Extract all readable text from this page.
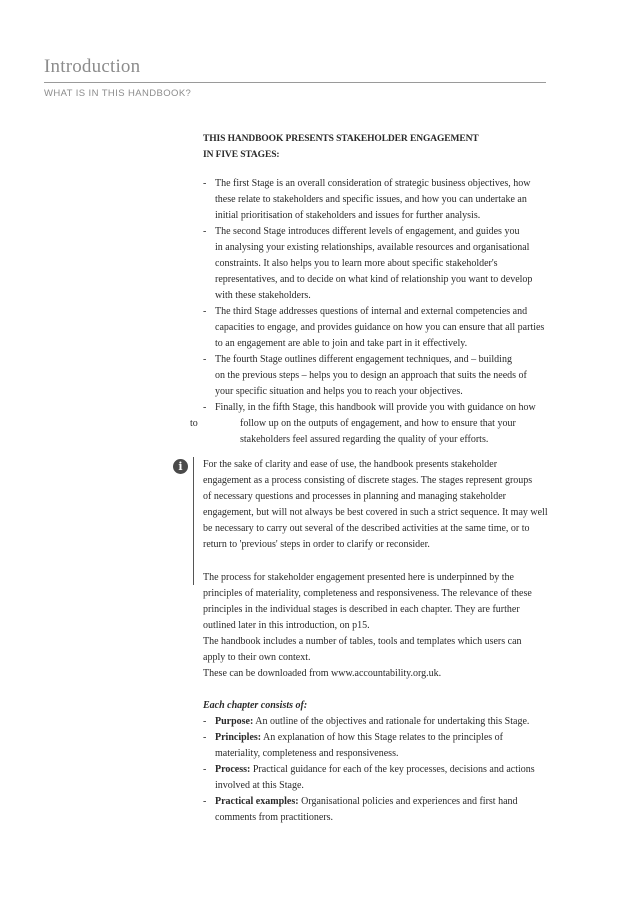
Introduction
WHAT IS IN THIS HANDBOOK?
THIS HANDBOOK PRESENTS STAKEHOLDER ENGAGEMENT
IN FIVE STAGES:
- The first Stage is an overall consideration of strategic business objectives, how
these relate to stakeholders and specific issues, and how you can undertake an
initial prioritisation of stakeholders and issues for further analysis.
- The second Stage introduces different levels of engagement, and guides you
in analysing your existing relationships, available resources and organisational
constraints. It also helps you to learn more about specific stakeholder's
representatives, and to decide on what kind of relationship you want to develop
with these stakeholders.
- The third Stage addresses questions of internal and external competencies and
capacities to engage, and provides guidance on how you can ensure that all parties
to an engagement are able to join and take part in it effectively.
- The fourth Stage outlines different engagement techniques, and – building
on the previous steps – helps you to design an approach that suits the needs of
your specific situation and helps you to reach your objectives.
- Finally, in the fifth Stage, this handbook will provide you with guidance on how
to	follow up on the outputs of engagement, and how to ensure that your
stakeholders feel assured regarding the quality of your efforts.
i	For the sake of clarity and ease of use, the handbook presents stakeholder
engagement as a process consisting of discrete stages. The stages represent groups
of necessary questions and processes in planning and managing stakeholder
engagement, but will not always be best covered in such a strict sequence. It may well
be necessary to carry out several of the described activities at the same time, or to
return to 'previous' steps in order to clarify or reconsider.
The process for stakeholder engagement presented here is underpinned by the
principles of materiality, completeness and responsiveness. The relevance of these
principles in the individual stages is described in each chapter. They are further
outlined later in this introduction, on p15.
The handbook includes a number of tables, tools and templates which users can
apply to their own context.
These can be downloaded from www.accountability.org.uk.
Each chapter consists of:
- Purpose: An outline of the objectives and rationale for undertaking this Stage.
- Principles: An explanation of how this Stage relates to the principles of
materiality, completeness and responsiveness.
- Process: Practical guidance for each of the key processes, decisions and actions
involved at this Stage.
- Practical examples: Organisational policies and experiences and first hand
comments from practitioners.
